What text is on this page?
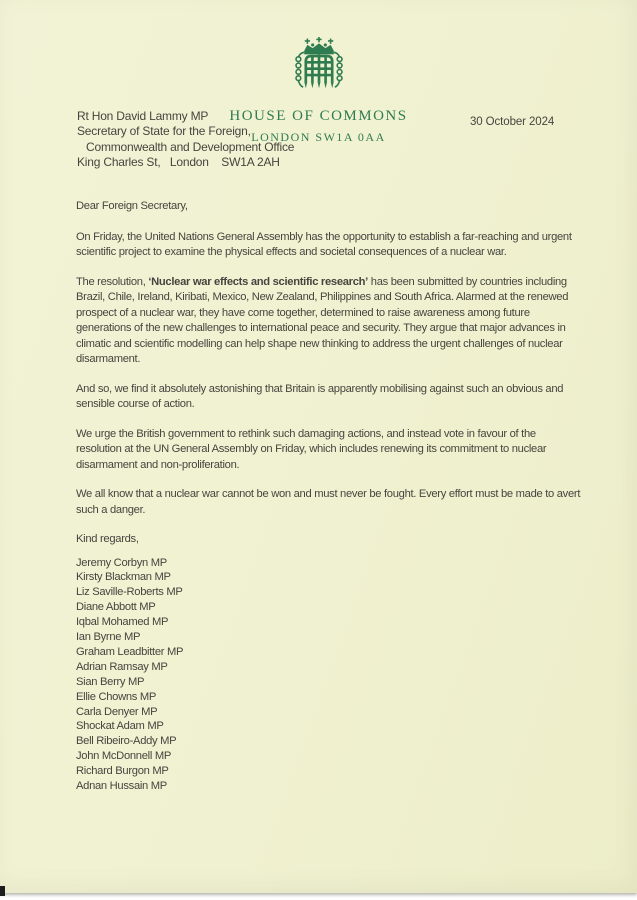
HOUSE OF COMMONS
LONDON SW1A 0AA
Rt Hon David Lammy MP
Secretary of State for the Foreign,
Commonwealth and Development Office
King Charles St,   London    SW1A 2AH
30 October 2024

Dear Foreign Secretary,

On Friday, the United Nations General Assembly has the opportunity to establish a far-reaching and urgent scientific project to examine the physical effects and societal consequences of a nuclear war.

The resolution, ‘Nuclear war effects and scientific research’ has been submitted by countries including Brazil, Chile, Ireland, Kiribati, Mexico, New Zealand, Philippines and South Africa. Alarmed at the renewed prospect of a nuclear war, they have come together, determined to raise awareness among future generations of the new challenges to international peace and security. They argue that major advances in climatic and scientific modelling can help shape new thinking to address the urgent challenges of nuclear disarmament.

And so, we find it absolutely astonishing that Britain is apparently mobilising against such an obvious and sensible course of action.

We urge the British government to rethink such damaging actions, and instead vote in favour of the resolution at the UN General Assembly on Friday, which includes renewing its commitment to nuclear disarmament and non-proliferation.

We all know that a nuclear war cannot be won and must never be fought. Every effort must be made to avert such a danger.

Kind regards,

Jeremy Corbyn MP
Kirsty Blackman MP
Liz Saville-Roberts MP
Diane Abbott MP
Iqbal Mohamed MP
Ian Byrne MP
Graham Leadbitter MP
Adrian Ramsay MP
Sian Berry MP
Ellie Chowns MP
Carla Denyer MP
Shockat Adam MP
Bell Ribeiro-Addy MP
John McDonnell MP
Richard Burgon MP
Adnan Hussain MP
